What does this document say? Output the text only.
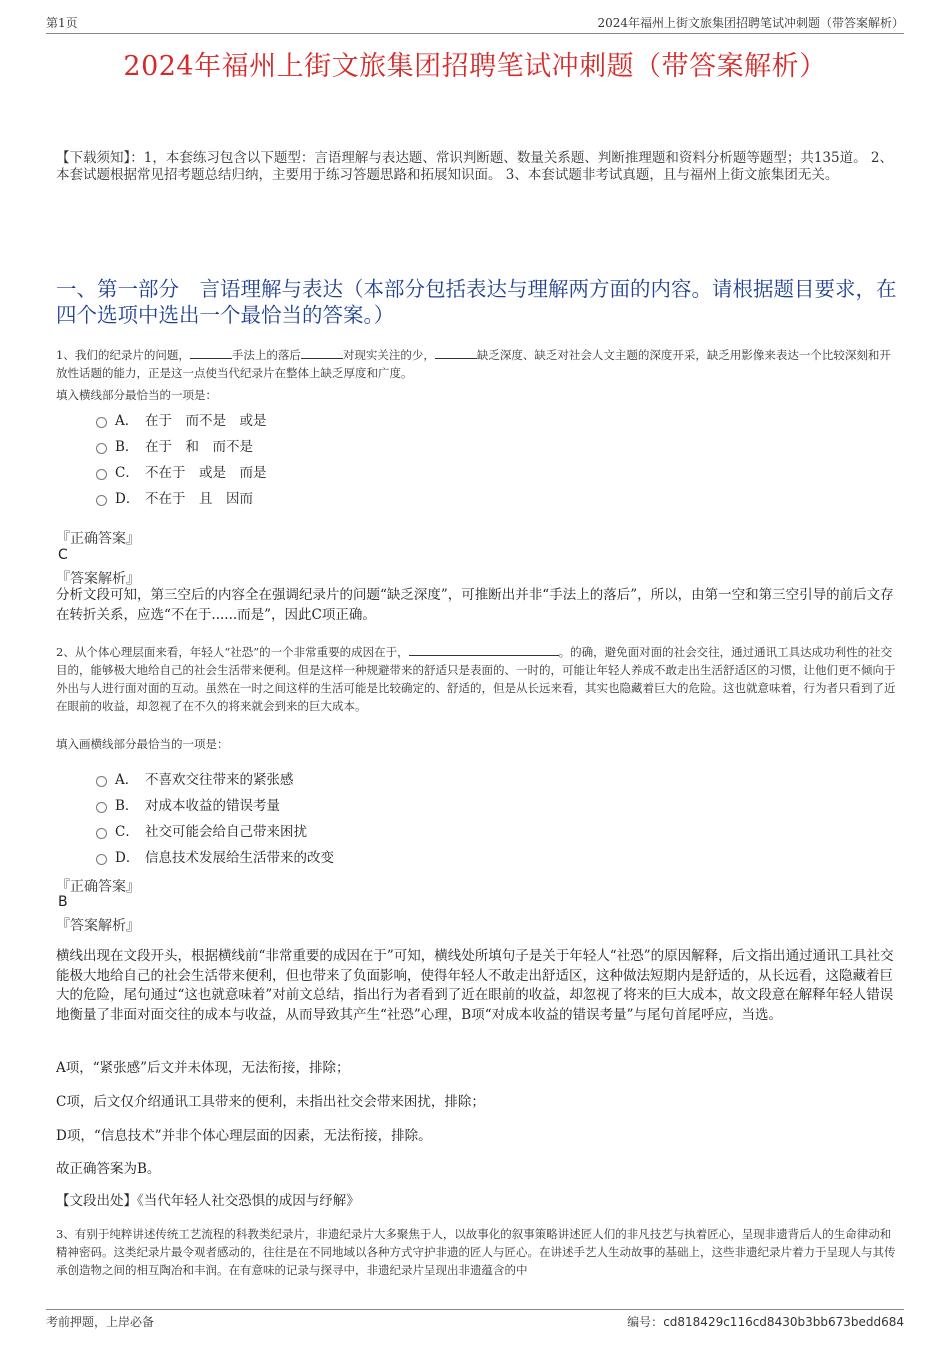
第1页	2024年福州上街文旅集团招聘笔试冲刺题（带答案解析）
2024年福州上街文旅集团招聘笔试冲刺题（带答案解析）
【下载须知】：1，本套练习包含以下题型：言语理解与表达题、常识判断题、数量关系题、判断推理题和资料分析题等题型；共135道。 2、本套试题根据常见招考题总结归纳，主要用于练习答题思路和拓展知识面。 3、本套试题非考试真题，且与福州上街文旅集团无关。
一、第一部分　言语理解与表达（本部分包括表达与理解两方面的内容。请根据题目要求，在四个选项中选出一个最恰当的答案。）
1、我们的纪录片的问题，	手法上的落后	对现实关注的少，	缺乏深度、缺乏对社会人文主题的深度开采，缺乏用影像来表达一个比较深刻和开放性话题的能力，正是这一点使当代纪录片在整体上缺乏厚度和广度。
填入横线部分最恰当的一项是：
A． 在于　而不是　或是
B． 在于　和　而不是
C． 不在于　或是　而是
D． 不在于　且　因而
『正确答案』
C
『答案解析』
分析文段可知，第三空后的内容全在强调纪录片的问题“缺乏深度”，可推断出并非“手法上的落后”，所以，由第一空和第三空引导的前后文存在转折关系，应选“不在于......而是”，因此C项正确。
2、从个体心理层面来看，年轻人“社恐”的一个非常重要的成因在于，	。的确，避免面对面的社会交往，通过通讯工具达成功利性的社交目的，能够极大地给自己的社会生活带来便利。但是这样一种规避带来的舒适只是表面的、一时的，可能让年轻人养成不敢走出生活舒适区的习惯，让他们更不倾向于外出与人进行面对面的互动。虽然在一时之间这样的生活可能是比较确定的、舒适的，但是从长远来看，其实也隐藏着巨大的危险。这也就意味着，行为者只看到了近在眼前的收益，却忽视了在不久的将来就会到来的巨大成本。
填入画横线部分最恰当的一项是：
A． 不喜欢交往带来的紧张感
B． 对成本收益的错误考量
C． 社交可能会给自己带来困扰
D． 信息技术发展给生活带来的改变
『正确答案』
B
『答案解析』
横线出现在文段开头，根据横线前“非常重要的成因在于”可知，横线处所填句子是关于年轻人“社恐”的原因解释，后文指出通过通讯工具社交能极大地给自己的社会生活带来便利，但也带来了负面影响，使得年轻人不敢走出舒适区，这种做法短期内是舒适的，从长远看，这隐藏着巨大的危险，尾句通过“这也就意味着”对前文总结，指出行为者看到了近在眼前的收益，却忽视了将来的巨大成本，故文段意在解释年轻人错误地衡量了非面对面交往的成本与收益，从而导致其产生“社恐”心理，B项“对成本收益的错误考量”与尾句首尾呼应，当选。
A项，“紧张感”后文并未体现，无法衔接，排除；
C项，后文仅介绍通讯工具带来的便利，未指出社交会带来困扰，排除；
D项，“信息技术”并非个体心理层面的因素，无法衔接，排除。
故正确答案为B。
【文段出处】《当代年轻人社交恐惧的成因与纾解》
3、有别于纯粹讲述传统工艺流程的科教类纪录片，非遗纪录片大多聚焦于人，以故事化的叙事策略讲述匠人们的非凡技艺与执着匠心，呈现非遗背后人的生命律动和精神密码。这类纪录片最令观者感动的，往往是在不同地域以各种方式守护非遗的匠人与匠心。在讲述手艺人生动故事的基础上，这些非遗纪录片着力于呈现人与其传承创造物之间的相互陶冶和丰润。在有意味的记录与探寻中，非遗纪录片呈现出非遗蕴含的中
考前押题，上岸必备	编号：cd818429c116cd8430b3bb673bedd684
